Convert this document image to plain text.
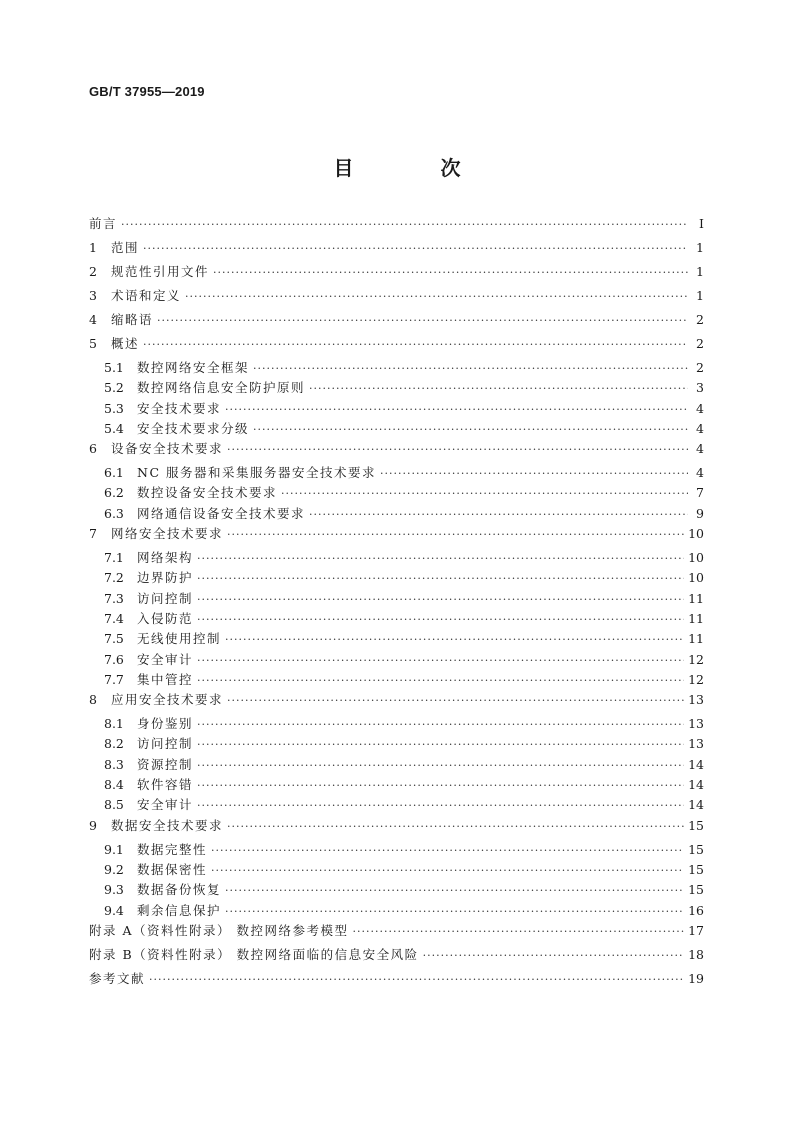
GB/T 37955—2019
目 次
前言 ·····	I
1	范围 ·····	1
2	规范性引用文件 ·····	1
3	术语和定义 ·····	1
4	缩略语 ·····	2
5	概述 ·····	2
5.1	数控网络安全框架 ·····	2
5.2	数控网络信息安全防护原则 ·····	3
5.3	安全技术要求 ·····	4
5.4	安全技术要求分级 ·····	4
6	设备安全技术要求 ·····	4
6.1	NC 服务器和采集服务器安全技术要求 ·····	4
6.2	数控设备安全技术要求 ·····	7
6.3	网络通信设备安全技术要求 ·····	9
7	网络安全技术要求 ·····	10
7.1	网络架构 ·····	10
7.2	边界防护 ·····	10
7.3	访问控制 ·····	11
7.4	入侵防范 ·····	11
7.5	无线使用控制 ·····	11
7.6	安全审计 ·····	12
7.7	集中管控 ·····	12
8	应用安全技术要求 ·····	13
8.1	身份鉴别 ·····	13
8.2	访问控制 ·····	13
8.3	资源控制 ·····	14
8.4	软件容错 ·····	14
8.5	安全审计 ·····	14
9	数据安全技术要求 ·····	15
9.1	数据完整性 ·····	15
9.2	数据保密性 ·····	15
9.3	数据备份恢复 ·····	15
9.4	剩余信息保护 ·····	16
附录 A（资料性附录） 数控网络参考模型 ·····	17
附录 B（资料性附录） 数控网络面临的信息安全风险 ·····	18
参考文献 ·····	19
